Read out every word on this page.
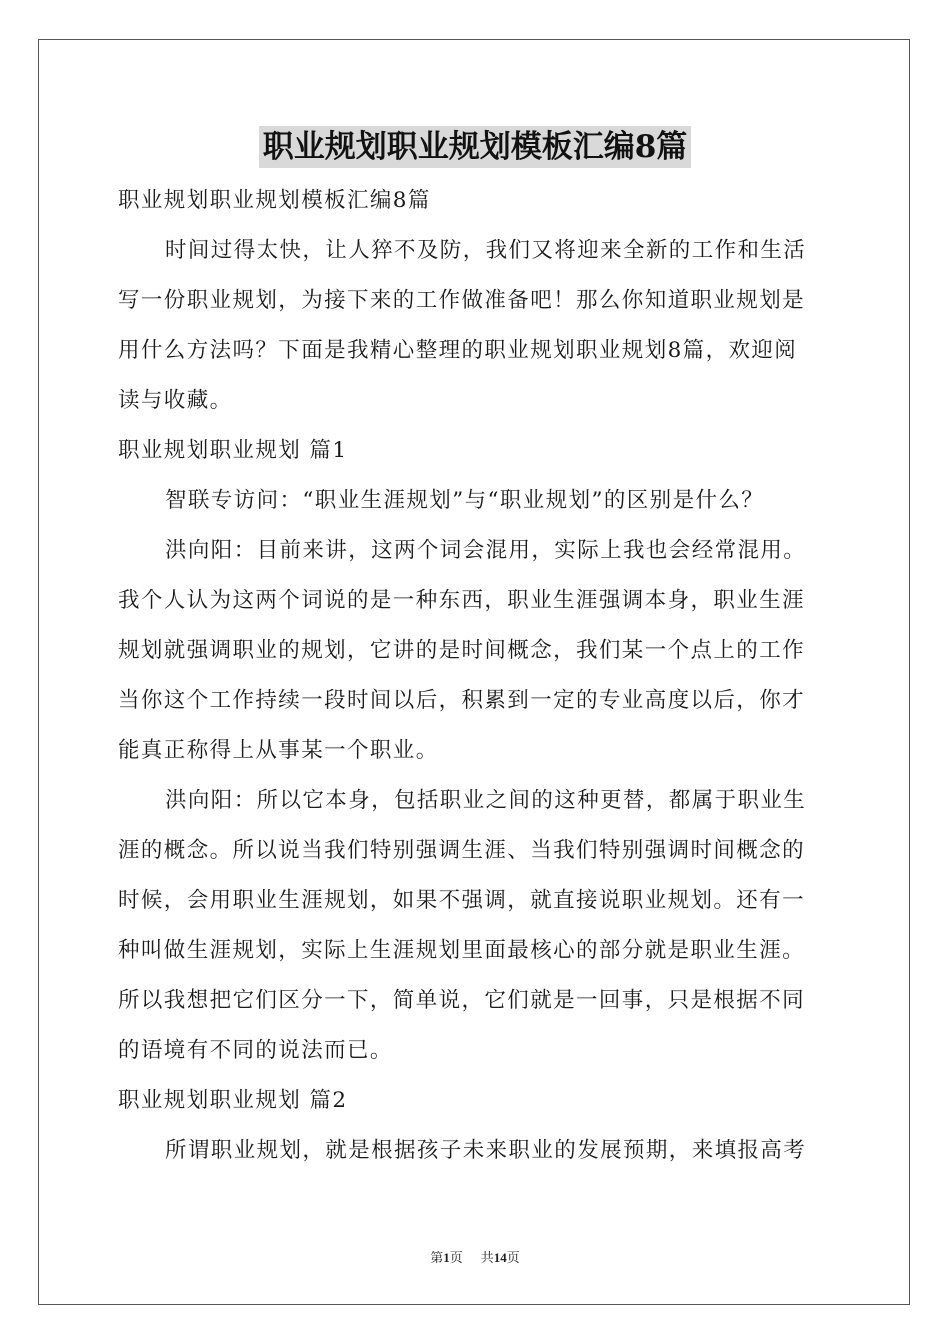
职业规划职业规划模板汇编8篇
职业规划职业规划模板汇编8篇
时间过得太快，让人猝不及防，我们又将迎来全新的工作和生活
写一份职业规划，为接下来的工作做准备吧！那么你知道职业规划是
用什么方法吗？下面是我精心整理的职业规划职业规划8篇，欢迎阅
读与收藏。
职业规划职业规划 篇1
智联专访问：“职业生涯规划”与“职业规划”的区别是什么？
洪向阳：目前来讲，这两个词会混用，实际上我也会经常混用。
我个人认为这两个词说的是一种东西，职业生涯强调本身，职业生涯
规划就强调职业的规划，它讲的是时间概念，我们某一个点上的工作
当你这个工作持续一段时间以后，积累到一定的专业高度以后，你才
能真正称得上从事某一个职业。
洪向阳：所以它本身，包括职业之间的这种更替，都属于职业生
涯的概念。所以说当我们特别强调生涯、当我们特别强调时间概念的
时候，会用职业生涯规划，如果不强调，就直接说职业规划。还有一
种叫做生涯规划，实际上生涯规划里面最核心的部分就是职业生涯。
所以我想把它们区分一下，简单说，它们就是一回事，只是根据不同
的语境有不同的说法而已。
职业规划职业规划 篇2
所谓职业规划，就是根据孩子未来职业的发展预期，来填报高考
第1页 共14页
